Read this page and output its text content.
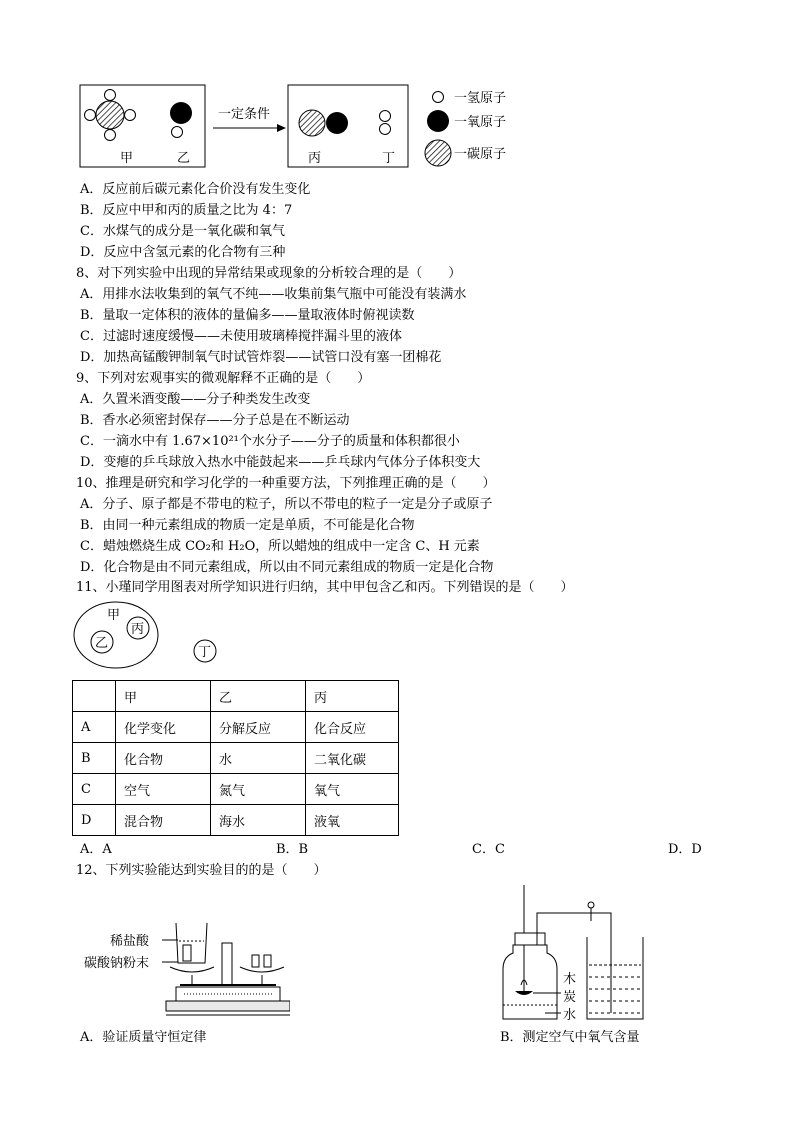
甲	乙
一定条件
丙	丁
一氢原子
一氧原子
一碳原子
A．反应前后碳元素化合价没有发生变化
B．反应中甲和丙的质量之比为 4：7
C．水煤气的成分是一氧化碳和氧气
D．反应中含氢元素的化合物有三种
8、对下列实验中出现的异常结果或现象的分析较合理的是（　　）
A．用排水法收集到的氧气不纯——收集前集气瓶中可能没有装满水
B．量取一定体积的液体的量偏多——量取液体时俯视读数
C．过滤时速度缓慢——未使用玻璃棒搅拌漏斗里的液体
D．加热高锰酸钾制氧气时试管炸裂——试管口没有塞一团棉花
9、下列对宏观事实的微观解释不正确的是（　　）
A．久置米酒变酸——分子种类发生改变
B．香水必须密封保存——分子总是在不断运动
C．一滴水中有 1.67×10²¹个水分子——分子的质量和体积都很小
D．变瘪的乒乓球放入热水中能鼓起来——乒乓球内气体分子体积变大
10、推理是研究和学习化学的一种重要方法，下列推理正确的是（　　）
A．分子、原子都是不带电的粒子，所以不带电的粒子一定是分子或原子
B．由同一种元素组成的物质一定是单质，不可能是化合物
C．蜡烛燃烧生成 CO₂和 H₂O，所以蜡烛的组成中一定含 C、H 元素
D．化合物是由不同元素组成，所以由不同元素组成的物质一定是化合物
11、小瑾同学用图表对所学知识进行归纳，其中甲包含乙和丙。下列错误的是（　　）
甲
乙
丙
丁
	甲	乙	丙
A	化学变化	分解反应	化合反应
B	化合物	水	二氧化碳
C	空气	氮气	氧气
D	混合物	海水	液氧
A．A	B．B	C．C	D．D
12、下列实验能达到实验目的的是（　　）
稀盐酸
碳酸钠粉末
A．验证质量守恒定律
木
炭
水
B．测定空气中氧气含量
